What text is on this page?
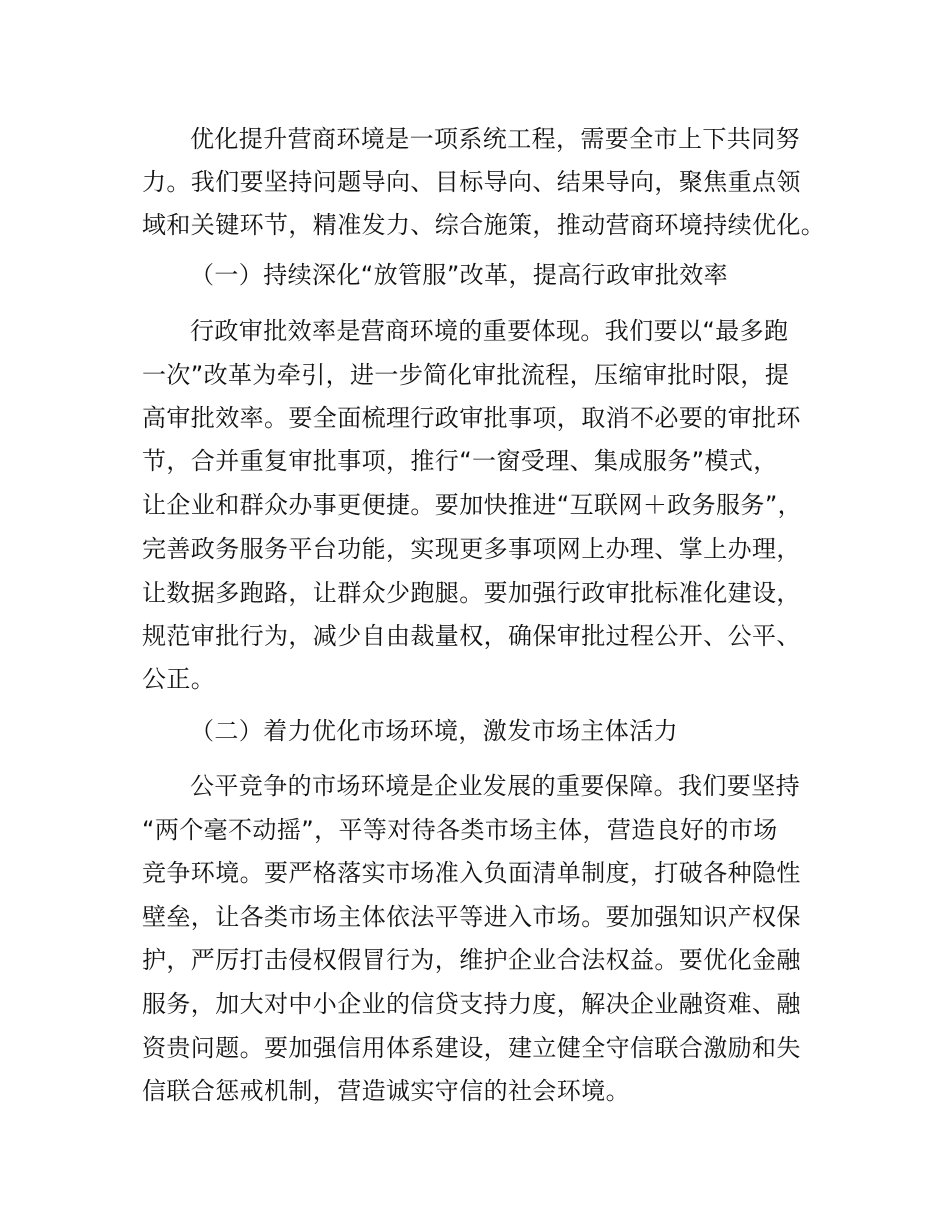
优化提升营商环境是一项系统工程，需要全市上下共同努
力。我们要坚持问题导向、目标导向、结果导向，聚焦重点领
域和关键环节，精准发力、综合施策，推动营商环境持续优化。
（一）持续深化“放管服”改革，提高行政审批效率
行政审批效率是营商环境的重要体现。我们要以“最多跑
一次”改革为牵引，进一步简化审批流程，压缩审批时限，提
高审批效率。要全面梳理行政审批事项，取消不必要的审批环
节，合并重复审批事项，推行“一窗受理、集成服务”模式，
让企业和群众办事更便捷。要加快推进“互联网＋政务服务”，
完善政务服务平台功能，实现更多事项网上办理、掌上办理，
让数据多跑路，让群众少跑腿。要加强行政审批标准化建设，
规范审批行为，减少自由裁量权，确保审批过程公开、公平、
公正。
（二）着力优化市场环境，激发市场主体活力
公平竞争的市场环境是企业发展的重要保障。我们要坚持
“两个毫不动摇”，平等对待各类市场主体，营造良好的市场
竞争环境。要严格落实市场准入负面清单制度，打破各种隐性
壁垒，让各类市场主体依法平等进入市场。要加强知识产权保
护，严厉打击侵权假冒行为，维护企业合法权益。要优化金融
服务，加大对中小企业的信贷支持力度，解决企业融资难、融
资贵问题。要加强信用体系建设，建立健全守信联合激励和失
信联合惩戒机制，营造诚实守信的社会环境。
